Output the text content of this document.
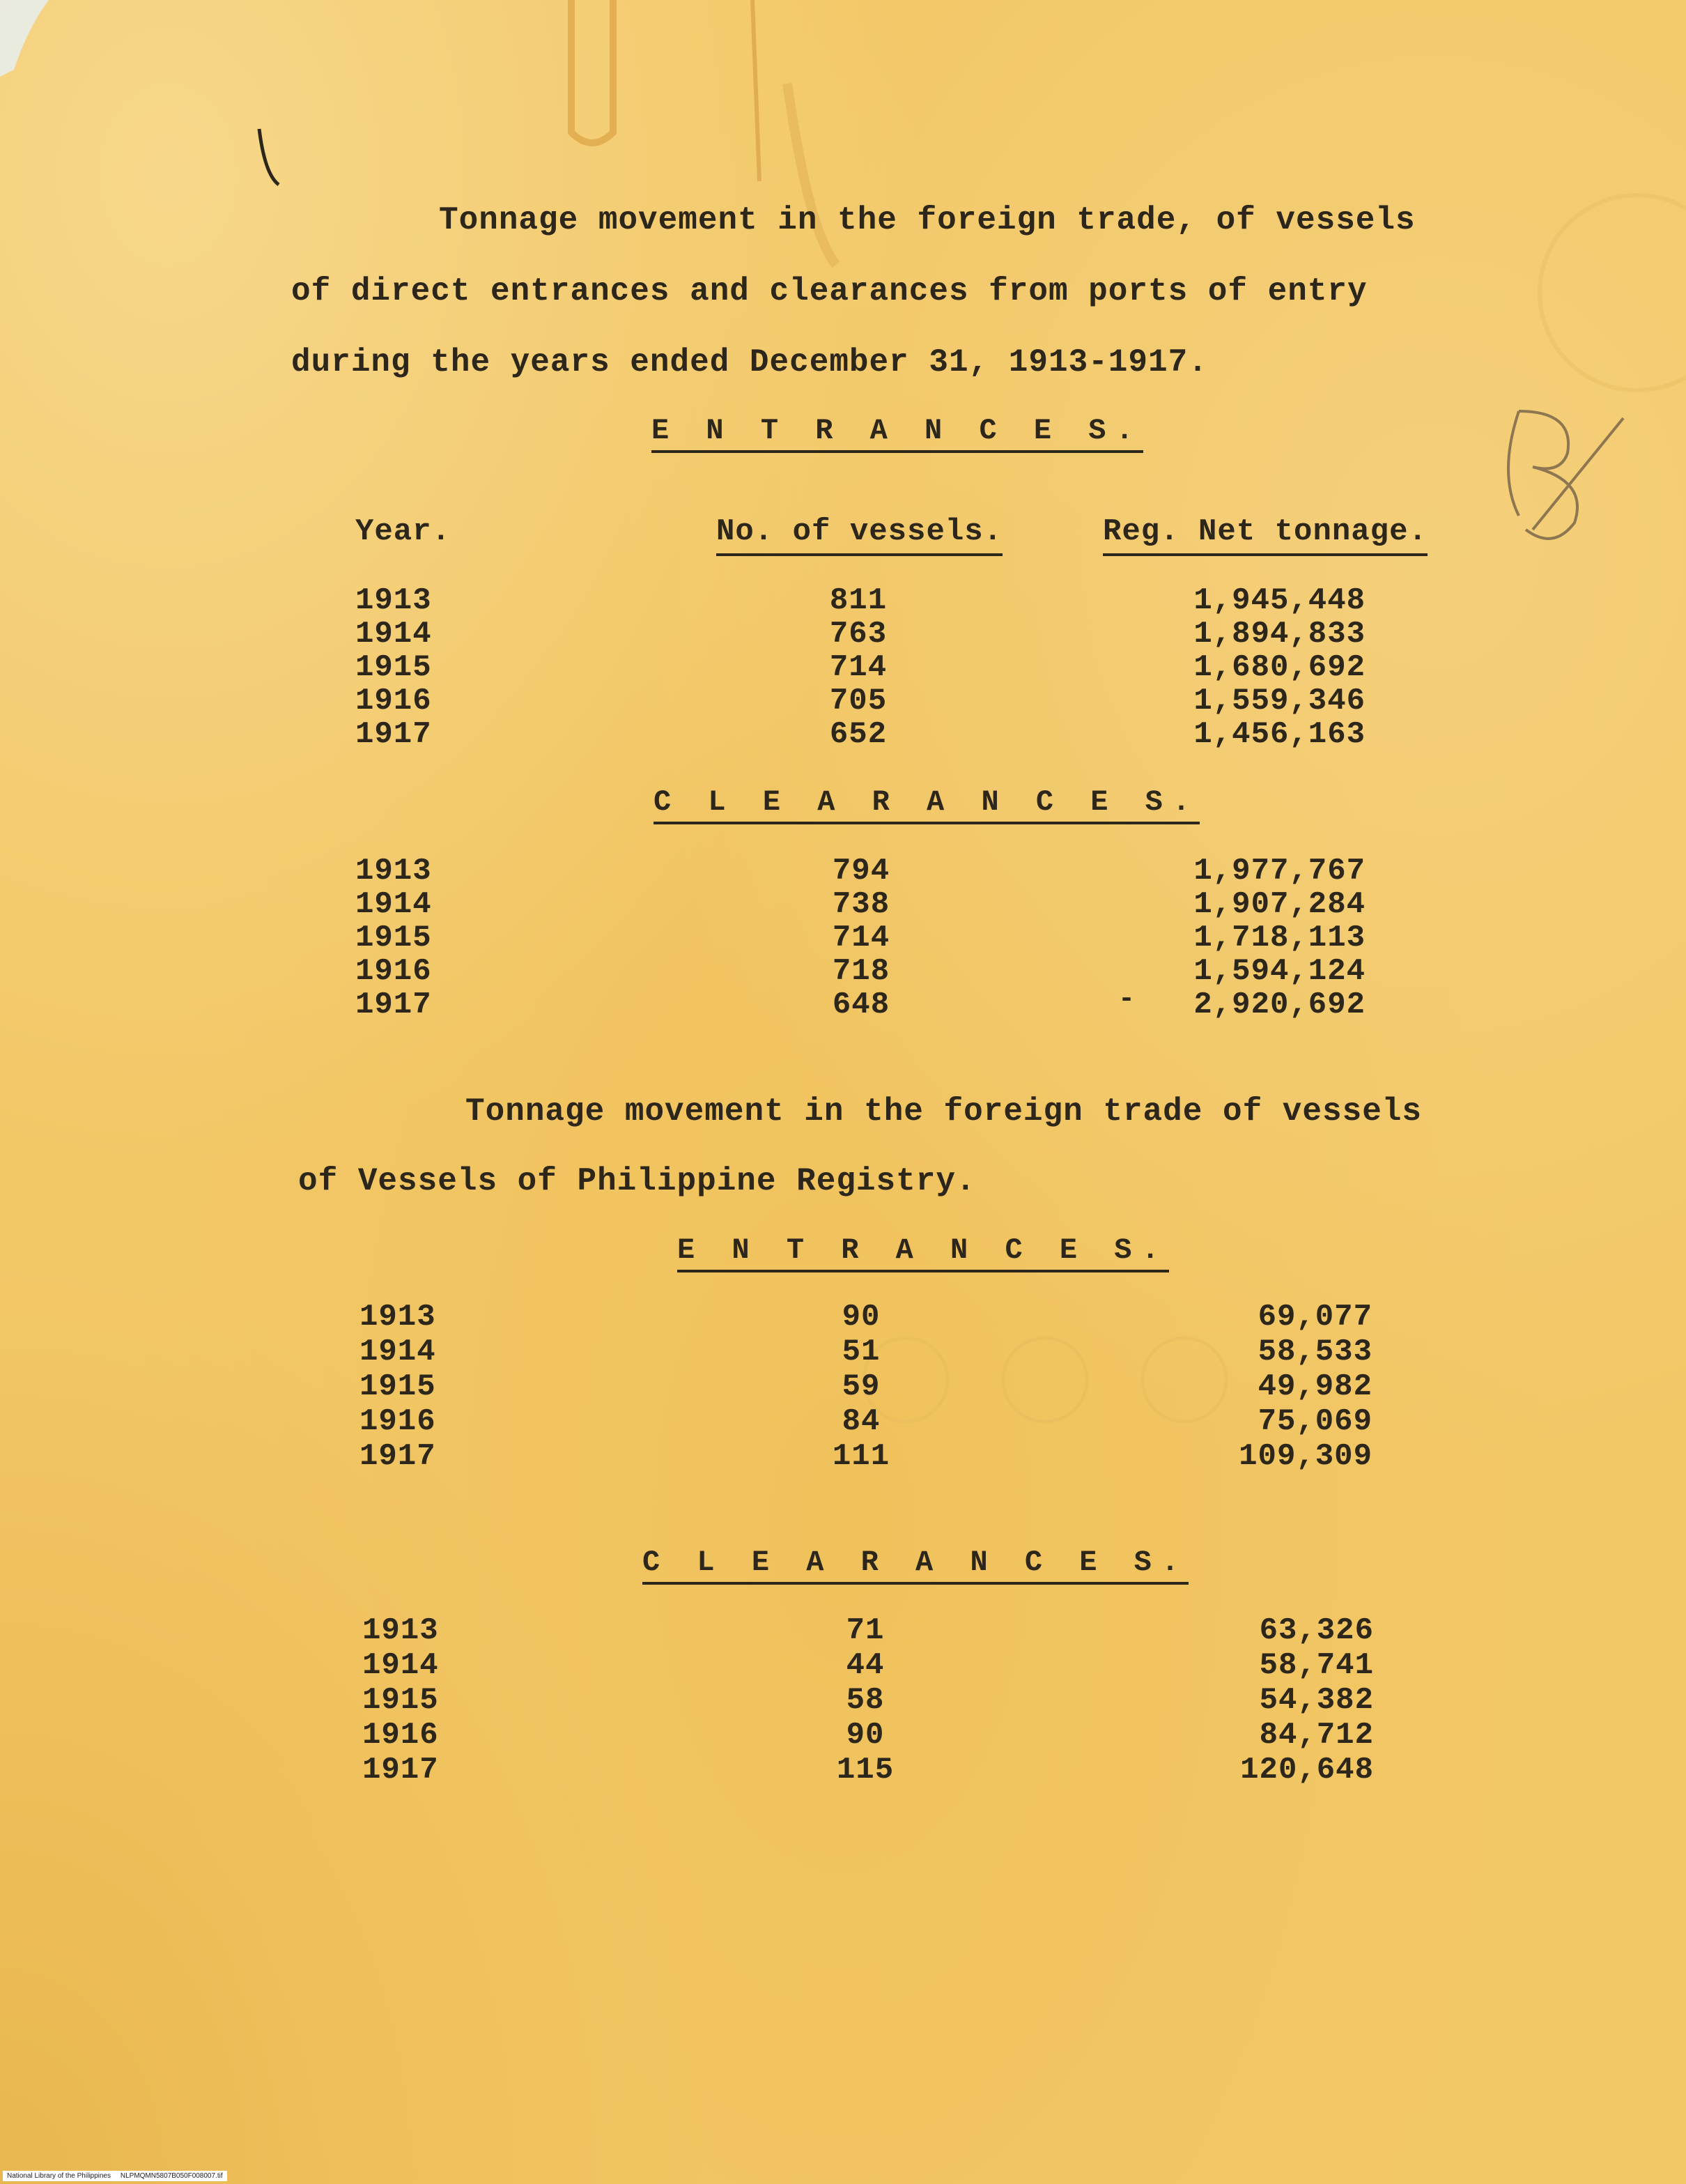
Tonnage movement in the foreign trade, of vessels
of direct entrances and clearances from ports of entry
during the years ended December 31, 1913-1917.
E N T R A N C E S.
Year.	No. of vessels.	Reg. Net tonnage.
1913	811	1,945,448
1914	763	1,894,833
1915	714	1,680,692
1916	705	1,559,346
1917	652	1,456,163
C L E A R A N C E S.
1913	794	1,977,767
1914	738	1,907,284
1915	714	1,718,113
1916	718	1,594,124
1917	648	2,920,692
Tonnage movement in the foreign trade of vessels
of Vessels of Philippine Registry.
E N T R A N C E S.
1913	90	69,077
1914	51	58,533
1915	59	49,982
1916	84	75,069
1917	111	109,309
C L E A R A N C E S.
1913	71	63,326
1914	44	58,741
1915	58	54,382
1916	90	84,712
1917	115	120,648
-
National Library of the Philippines     NLPMQMN5807B050F008007.tif
